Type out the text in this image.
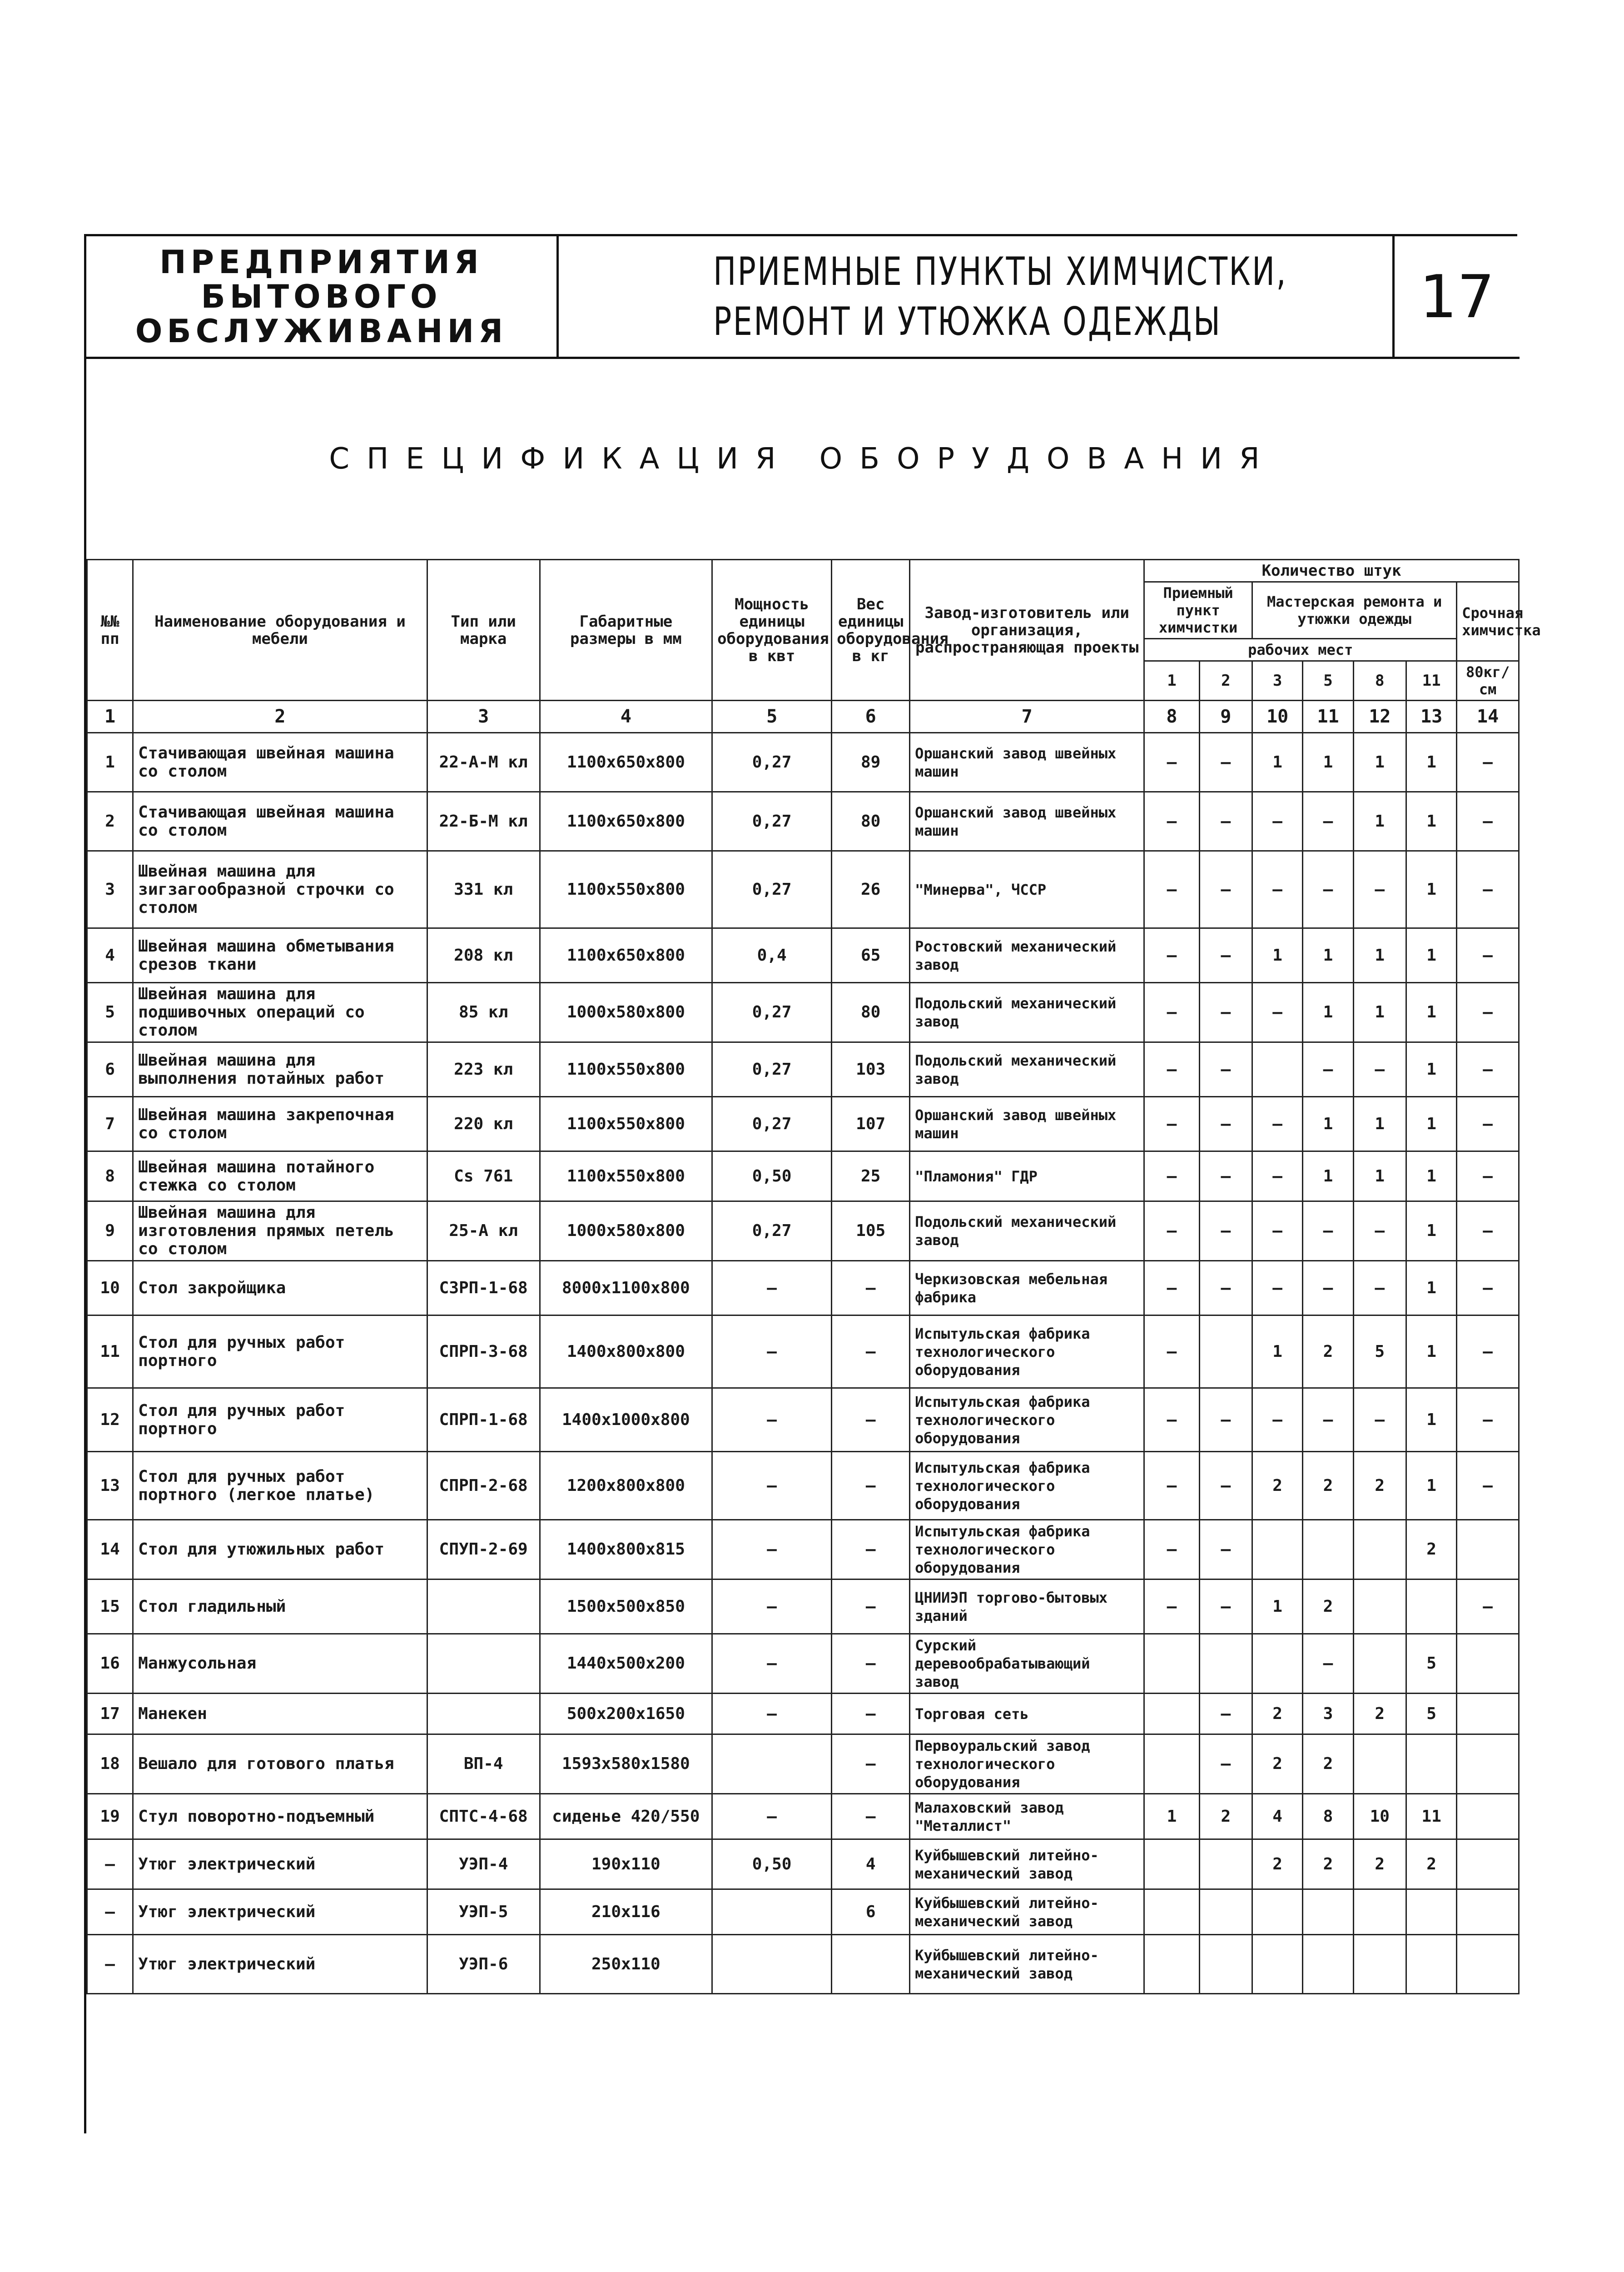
ПРЕДПРИЯТИЯ
БЫТОВОГО
ОБСЛУЖИВАНИЯ
ПРИЕМНЫЕ ПУНКТЫ ХИМЧИСТКИ,
РЕМОНТ И УТЮЖКА ОДЕЖДЫ	17
СПЕЦИФИКАЦИЯ ОБОРУДОВАНИЯ
№№ пп	Наименование оборудования и мебели	Тип или марка	Габаритные размеры в мм	Мощность единицы оборудования в квт	Вес единицы оборудования в кг	Завод-изготовитель или организация, распространяющая проекты	Количество штук						
							Приемный пункт химчистки		Мастерская ремонта и утюжки одежды				Срочная химчистка
							рабочих мест						
							1	2	3	5	8	11	80кг/см
1	2	3	4	5	6	7	8	9	10	11	12	13	14
1	Стачивающая швейная машина со столом	22-А-М кл	1100x650x800	0,27	89	Оршанский завод швейных машин	–	–	1	1	1	1	–
2	Стачивающая швейная машина со столом	22-Б-М кл	1100x650x800	0,27	80	Оршанский завод швейных машин	–	–	–	–	1	1	–
3	Швейная машина для зигзагообразной строчки со столом	331 кл	1100x550x800	0,27	26	"Минерва", ЧССР	–	–	–	–	–	1	–
4	Швейная машина обметывания срезов ткани	208 кл	1100x650x800	0,4	65	Ростовский механический завод	–	–	1	1	1	1	–
5	Швейная машина для подшивочных операций со столом	85 кл	1000x580x800	0,27	80	Подольский механический завод	–	–	–	1	1	1	–
6	Швейная машина для выполнения потайных работ	223 кл	1100x550x800	0,27	103	Подольский механический завод	–	–		–	–	1	–
7	Швейная машина закрепочная со столом	220 кл	1100x550x800	0,27	107	Оршанский завод швейных машин	–	–	–	1	1	1	–
8	Швейная машина потайного стежка со столом	Cs 761	1100x550x800	0,50	25	"Пламония" ГДР	–	–	–	1	1	1	–
9	Швейная машина для изготовления прямых петель со столом	25-А кл	1000x580x800	0,27	105	Подольский механический завод	–	–	–	–	–	1	–
10	Стол закройщика	СЗРП-1-68	8000x1100x800	–	–	Черкизовская мебельная фабрика	–	–	–	–	–	1	–
11	Стол для ручных работ портного	СПРП-3-68	1400x800x800	–	–	Испытульская фабрика технологического оборудования	–		1	2	5	1	–
12	Стол для ручных работ портного	СПРП-1-68	1400x1000x800	–	–	Испытульская фабрика технологического оборудования	–	–	–	–	–	1	–
13	Стол для ручных работ портного (легкое платье)	СПРП-2-68	1200x800x800	–	–	Испытульская фабрика технологического оборудования	–	–	2	2	2	1	–
14	Стол для утюжильных работ	СПУП-2-69	1400x800x815	–	–	Испытульская фабрика технологического оборудования	–	–				2	
15	Стол гладильный		1500x500x850	–	–	ЦНИИЭП торгово-бытовых зданий	–	–	1	2			–
16	Манжусольная		1440x500x200	–	–	Сурский деревообрабатывающий завод				–		5	
17	Манекен		500x200x1650	–	–	Торговая сеть		–	2	3	2	5	
18	Вешало для готового платья	ВП-4	1593x580x1580		–	Первоуральский завод технологического оборудования		–	2	2			
19	Стул поворотно-подъемный	СПТС-4-68	сиденье 420/550	–	–	Малаховский завод "Металлист"	1	2	4	8	10	11	
–	Утюг электрический	УЭП-4	190x110	0,50	4	Куйбышевский литейно-механический завод			2	2	2	2	
–	Утюг электрический	УЭП-5	210x116		6	Куйбышевский литейно-механический завод							
–	Утюг электрический	УЭП-6	250x110			Куйбышевский литейно-механический завод							
